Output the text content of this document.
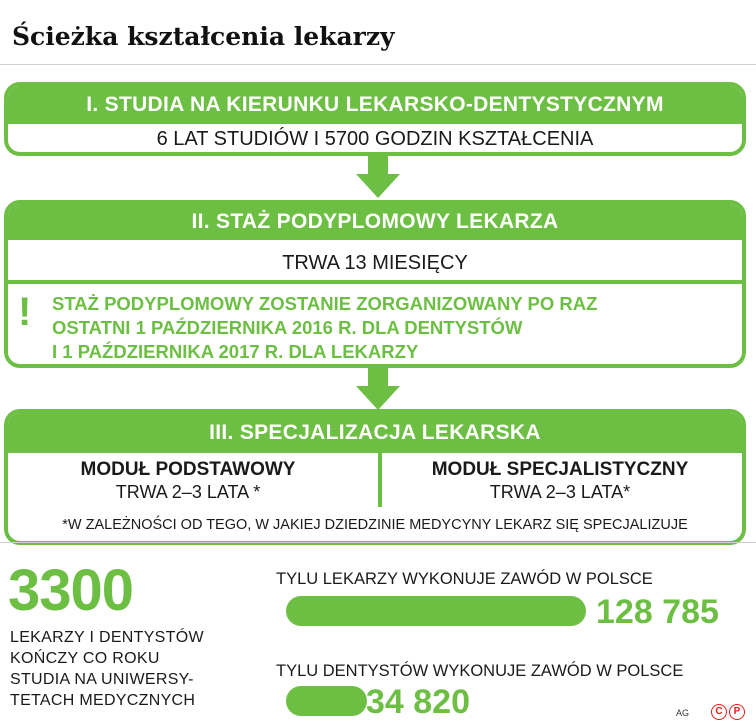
Ścieżka kształcenia lekarzy
I. STUDIA NA KIERUNKU LEKARSKO-DENTYSTYCZNYM
6 LAT STUDIÓW I 5700 GODZIN KSZTAŁCENIA
II. STAŻ PODYPLOMOWY LEKARZA
TRWA 13 MIESIĘCY
! STAŻ PODYPLOMOWY ZOSTANIE ZORGANIZOWANY PO RAZ
OSTATNI 1 PAŹDZIERNIKA 2016 R. DLA DENTYSTÓW
I 1 PAŹDZIERNIKA 2017 R. DLA LEKARZY
III. SPECJALIZACJA LEKARSKA
MODUŁ PODSTAWOWY
TRWA 2–3 LATA *
MODUŁ SPECJALISTYCZNY
TRWA 2–3 LATA*
*W ZALEŻNOŚCI OD TEGO, W JAKIEJ DZIEDZINIE MEDYCYNY LEKARZ SIĘ SPECJALIZUJE
3300
LEKARZY I DENTYSTÓW
KOŃCZY CO ROKU
STUDIA NA UNIWERSY-
TETACH MEDYCZNYCH
TYLU LEKARZY WYKONUJE ZAWÓD W POLSCE
128 785
TYLU DENTYSTÓW WYKONUJE ZAWÓD W POLSCE
34 820	AG	C	P
